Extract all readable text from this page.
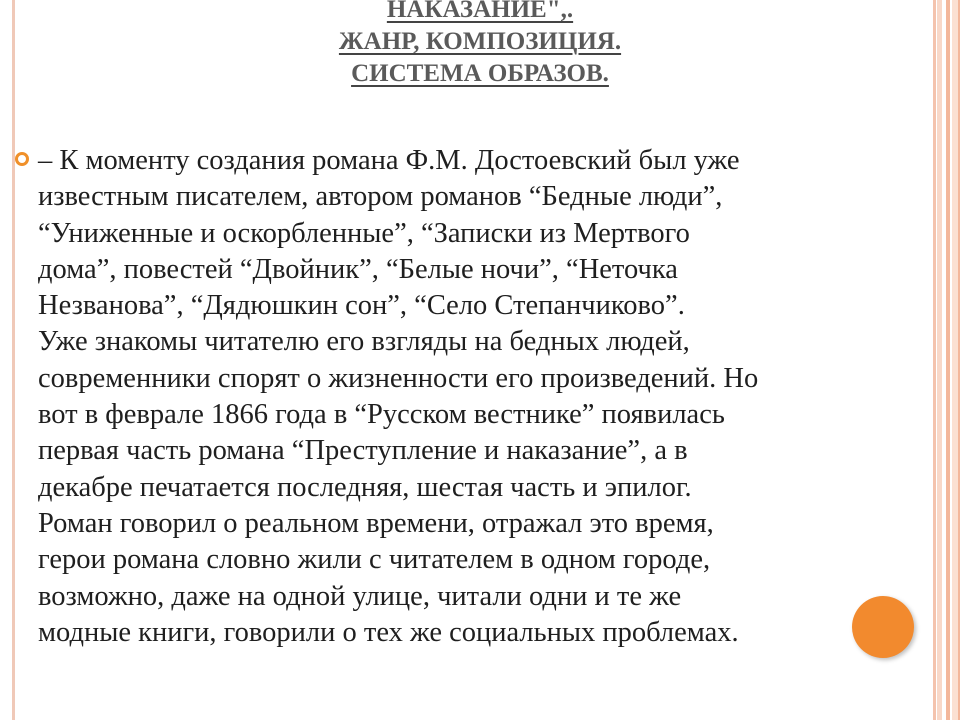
НАКАЗАНИЕ",.
ЖАНР, КОМПОЗИЦИЯ.
СИСТЕМА ОБРАЗОВ.
– К моменту создания романа Ф.М. Достоевский был уже
известным писателем, автором романов “Бедные люди”,
“Униженные и оскорбленные”, “Записки из Мертвого
дома”, повестей “Двойник”, “Белые ночи”, “Неточка
Незванова”, “Дядюшкин сон”, “Село Степанчиково”.
Уже знакомы читателю его взгляды на бедных людей,
современники спорят о жизненности его произведений. Но
вот в феврале 1866 года в “Русском вестнике” появилась
первая часть романа “Преступление и наказание”, а в
декабре печатается последняя, шестая часть и эпилог.
Роман говорил о реальном времени, отражал это время,
герои романа словно жили с читателем в одном городе,
возможно, даже на одной улице, читали одни и те же
модные книги, говорили о тех же социальных проблемах.
